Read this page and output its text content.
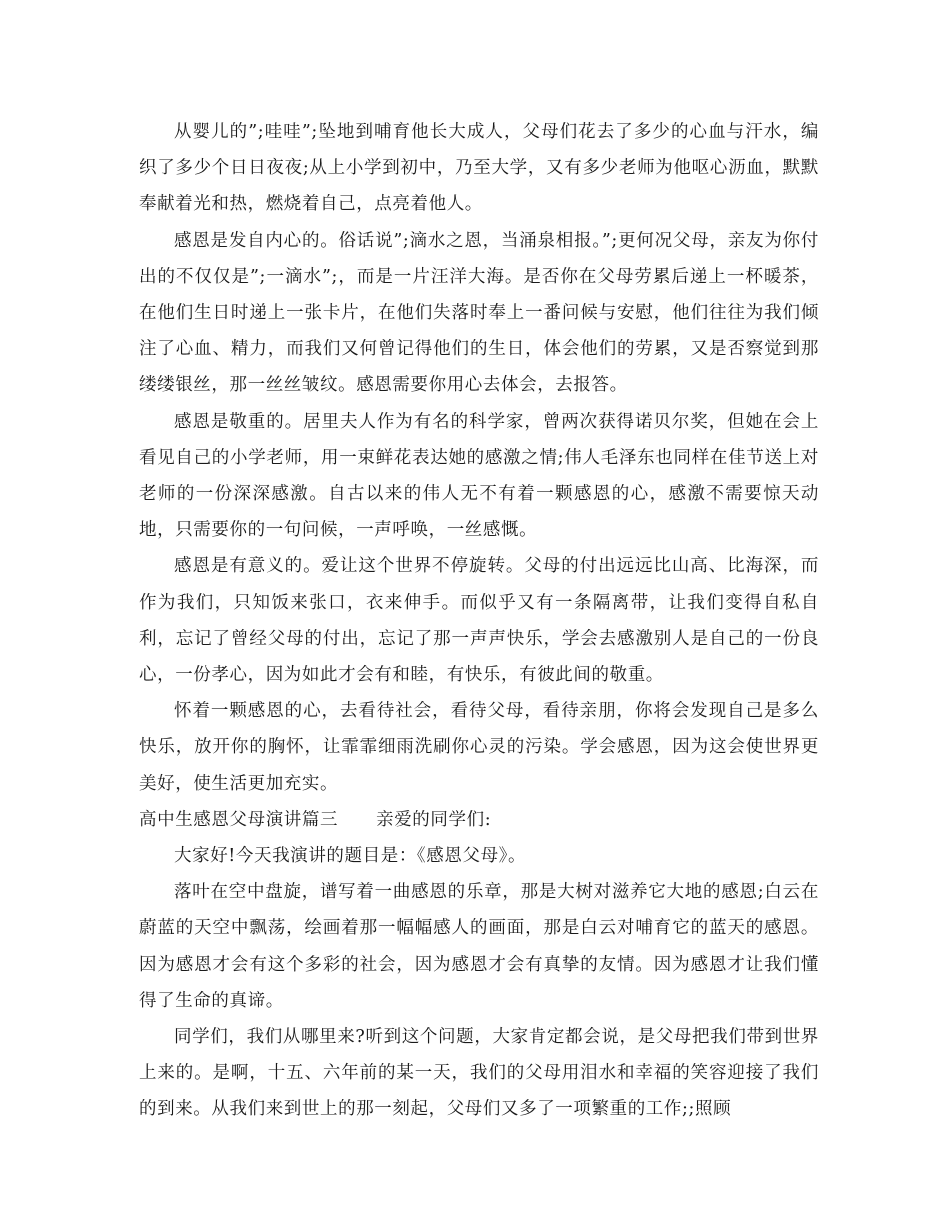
从婴儿的”;哇哇”;坠地到哺育他长大成人，父母们花去了多少的心血与汗水，编织了多少个日日夜夜;从上小学到初中，乃至大学，又有多少老师为他呕心沥血，默默奉献着光和热，燃烧着自己，点亮着他人。

感恩是发自内心的。俗话说”;滴水之恩，当涌泉相报。”;更何况父母，亲友为你付出的不仅仅是”;一滴水”;，而是一片汪洋大海。是否你在父母劳累后递上一杯暖茶，在他们生日时递上一张卡片，在他们失落时奉上一番问候与安慰，他们往往为我们倾注了心血、精力，而我们又何曾记得他们的生日，体会他们的劳累，又是否察觉到那缕缕银丝，那一丝丝皱纹。感恩需要你用心去体会，去报答。

感恩是敬重的。居里夫人作为有名的科学家，曾两次获得诺贝尔奖，但她在会上看见自己的小学老师，用一束鲜花表达她的感激之情;伟人毛泽东也同样在佳节送上对老师的一份深深感激。自古以来的伟人无不有着一颗感恩的心，感激不需要惊天动地，只需要你的一句问候，一声呼唤，一丝感慨。

感恩是有意义的。爱让这个世界不停旋转。父母的付出远远比山高、比海深，而作为我们，只知饭来张口，衣来伸手。而似乎又有一条隔离带，让我们变得自私自利，忘记了曾经父母的付出，忘记了那一声声快乐，学会去感激别人是自己的一份良心，一份孝心，因为如此才会有和睦，有快乐，有彼此间的敬重。

怀着一颗感恩的心，去看待社会，看待父母，看待亲朋，你将会发现自己是多么快乐，放开你的胸怀，让霏霏细雨洗刷你心灵的污染。学会感恩，因为这会使世界更美好，使生活更加充实。

高中生感恩父母演讲篇三 亲爱的同学们:

大家好!今天我演讲的题目是：《感恩父母》。

落叶在空中盘旋，谱写着一曲感恩的乐章，那是大树对滋养它大地的感恩;白云在蔚蓝的天空中飘荡，绘画着那一幅幅感人的画面，那是白云对哺育它的蓝天的感恩。因为感恩才会有这个多彩的社会，因为感恩才会有真挚的友情。因为感恩才让我们懂得了生命的真谛。

同学们，我们从哪里来?听到这个问题，大家肯定都会说，是父母把我们带到世界上来的。是啊，十五、六年前的某一天，我们的父母用泪水和幸福的笑容迎接了我们的到来。从我们来到世上的那一刻起，父母们又多了一项繁重的工作;;照顾
